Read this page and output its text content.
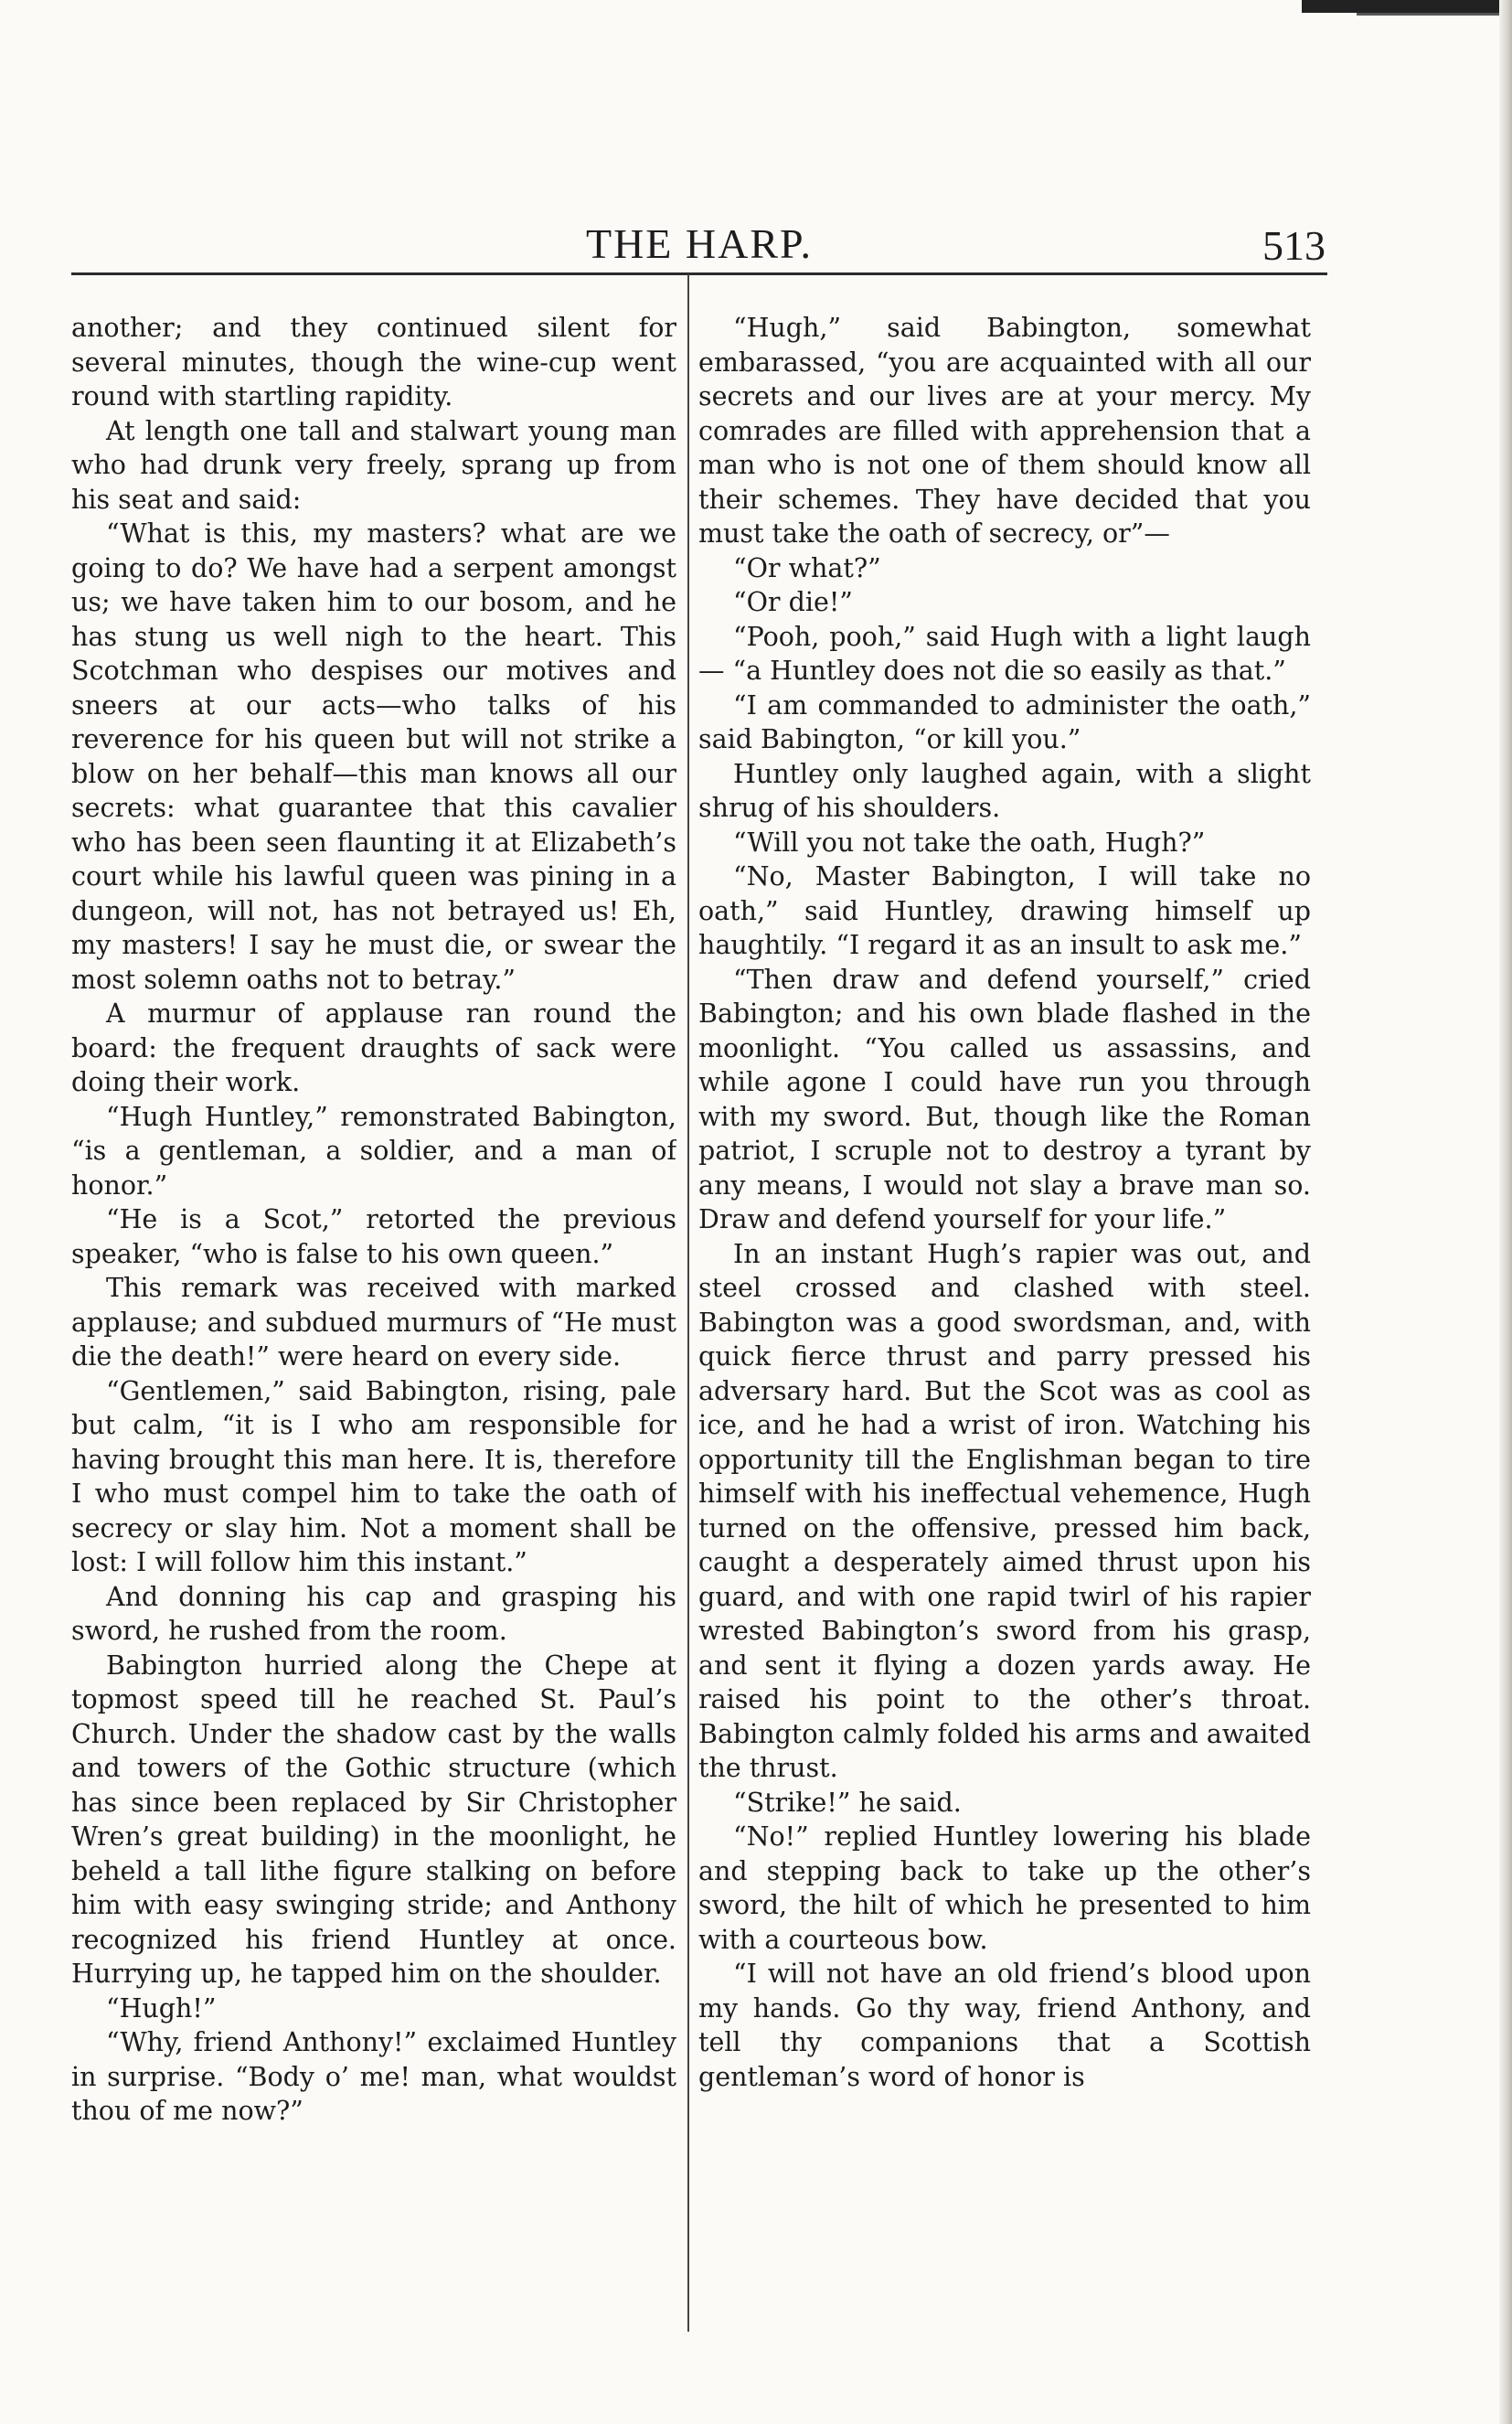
THE HARP.	513

another; and they continued silent for several minutes, though the wine-cup went round with startling rapidity.

At length one tall and stalwart young man who had drunk very freely, sprang up from his seat and said:

“What is this, my masters? what are we going to do? We have had a serpent amongst us; we have taken him to our bosom, and he has stung us well nigh to the heart. This Scotchman who despises our motives and sneers at our acts—who talks of his reverence for his queen but will not strike a blow on her behalf—this man knows all our secrets: what guarantee that this cavalier who has been seen flaunting it at Elizabeth’s court while his lawful queen was pining in a dungeon, will not, has not betrayed us! Eh, my masters! I say he must die, or swear the most solemn oaths not to betray.”

A murmur of applause ran round the board: the frequent draughts of sack were doing their work.

“Hugh Huntley,” remonstrated Babington, “is a gentleman, a soldier, and a man of honor.”

“He is a Scot,” retorted the previous speaker, “who is false to his own queen.”

This remark was received with marked applause; and subdued murmurs of “He must die the death!” were heard on every side.

“Gentlemen,” said Babington, rising, pale but calm, “it is I who am responsible for having brought this man here. It is, therefore I who must compel him to take the oath of secrecy or slay him. Not a moment shall be lost: I will follow him this instant.”

And donning his cap and grasping his sword, he rushed from the room.

Babington hurried along the Chepe at topmost speed till he reached St. Paul’s Church. Under the shadow cast by the walls and towers of the Gothic structure (which has since been replaced by Sir Christopher Wren’s great building) in the moonlight, he beheld a tall lithe figure stalking on before him with easy swinging stride; and Anthony recognized his friend Huntley at once. Hurrying up, he tapped him on the shoulder.

“Hugh!”

“Why, friend Anthony!” exclaimed Huntley in surprise. “Body o’ me! man, what wouldst thou of me now?”

“Hugh,” said Babington, somewhat embarassed, “you are acquainted with all our secrets and our lives are at your mercy. My comrades are filled with apprehension that a man who is not one of them should know all their schemes. They have decided that you must take the oath of secrecy, or”—

“Or what?”

“Or die!”

“Pooh, pooh,” said Hugh with a light laugh— “a Huntley does not die so easily as that.”

“I am commanded to administer the oath,” said Babington, “or kill you.”

Huntley only laughed again, with a slight shrug of his shoulders.

“Will you not take the oath, Hugh?”

“No, Master Babington, I will take no oath,” said Huntley, drawing himself up haughtily. “I regard it as an insult to ask me.”

“Then draw and defend yourself,” cried Babington; and his own blade flashed in the moonlight. “You called us assassins, and while agone I could have run you through with my sword. But, though like the Roman patriot, I scruple not to destroy a tyrant by any means, I would not slay a brave man so. Draw and defend yourself for your life.”

In an instant Hugh’s rapier was out, and steel crossed and clashed with steel. Babington was a good swordsman, and, with quick fierce thrust and parry pressed his adversary hard. But the Scot was as cool as ice, and he had a wrist of iron. Watching his opportunity till the Englishman began to tire himself with his ineffectual vehemence, Hugh turned on the offensive, pressed him back, caught a desperately aimed thrust upon his guard, and with one rapid twirl of his rapier wrested Babington’s sword from his grasp, and sent it flying a dozen yards away. He raised his point to the other’s throat. Babington calmly folded his arms and awaited the thrust.

“Strike!” he said.

“No!” replied Huntley lowering his blade and stepping back to take up the other’s sword, the hilt of which he presented to him with a courteous bow.

“I will not have an old friend’s blood upon my hands. Go thy way, friend Anthony, and tell thy companions that a Scottish gentleman’s word of honor is
